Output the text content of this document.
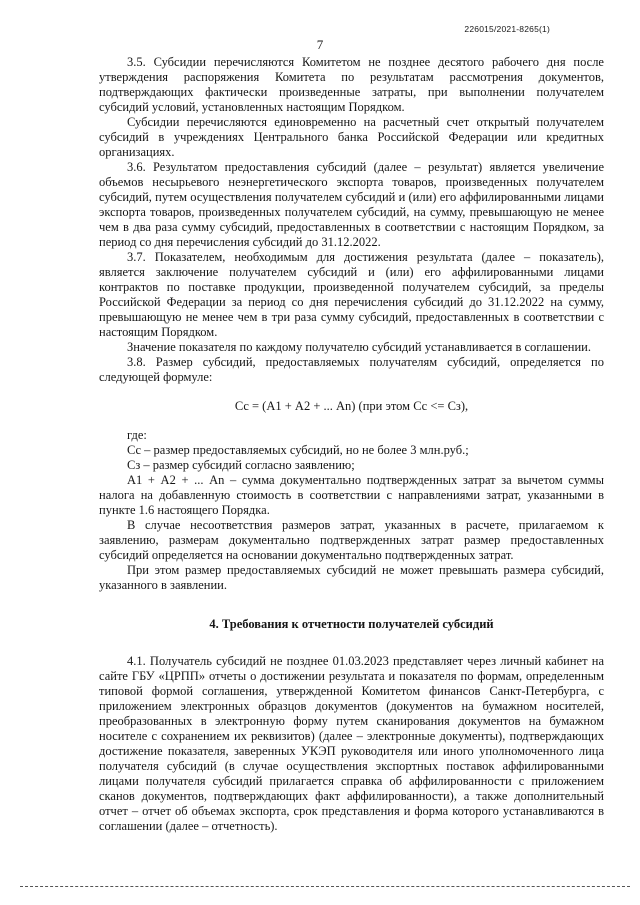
226015/2021-8265(1)
7

3.5. Субсидии перечисляются Комитетом не позднее десятого рабочего дня после утверждения распоряжения Комитета по результатам рассмотрения документов, подтверждающих фактически произведенные затраты, при выполнении получателем субсидий условий, установленных настоящим Порядком.

Субсидии перечисляются единовременно на расчетный счет открытый получателем субсидий в учреждениях Центрального банка Российской Федерации или кредитных организациях.

3.6. Результатом предоставления субсидий (далее – результат) является увеличение объемов несырьевого неэнергетического экспорта товаров, произведенных получателем субсидий, путем осуществления получателем субсидий и (или) его аффилированными лицами экспорта товаров, произведенных получателем субсидий, на сумму, превышающую не менее чем в два раза сумму субсидий, предоставленных в соответствии с настоящим Порядком, за период со дня перечисления субсидий до 31.12.2022.

3.7. Показателем, необходимым для достижения результата (далее – показатель), является заключение получателем субсидий и (или) его аффилированными лицами контрактов по поставке продукции, произведенной получателем субсидий, за пределы Российской Федерации за период со дня перечисления субсидий до 31.12.2022 на сумму, превышающую не менее чем в три раза сумму субсидий, предоставленных в соответствии с настоящим Порядком.

Значение показателя по каждому получателю субсидий устанавливается в соглашении.

3.8. Размер субсидий, предоставляемых получателям субсидий, определяется по следующей формуле:

Сс = (А1 + А2 + ... Аn) (при этом Сс <= Сз),

где:

Сс – размер предоставляемых субсидий, но не более 3 млн.руб.;

Сз – размер субсидий согласно заявлению;

А1 + А2 + ... Аn – сумма документально подтвержденных затрат за вычетом суммы налога на добавленную стоимость в соответствии с направлениями затрат, указанными в пункте 1.6 настоящего Порядка.

В случае несоответствия размеров затрат, указанных в расчете, прилагаемом к заявлению, размерам документально подтвержденных затрат размер предоставленных субсидий определяется на основании документально подтвержденных затрат.

При этом размер предоставляемых субсидий не может превышать размера субсидий, указанного в заявлении.

4. Требования к отчетности получателей субсидий

4.1. Получатель субсидий не позднее 01.03.2023 представляет через личный кабинет на сайте ГБУ «ЦРПП» отчеты о достижении результата и показателя по формам, определенным типовой формой соглашения, утвержденной Комитетом финансов Санкт-Петербурга, с приложением электронных образцов документов (документов на бумажном носителей, преобразованных в электронную форму путем сканирования документов на бумажном носителе с сохранением их реквизитов) (далее – электронные документы), подтверждающих достижение показателя, заверенных УКЭП руководителя или иного уполномоченного лица получателя субсидий (в случае осуществления экспортных поставок аффилированными лицами получателя субсидий прилагается справка об аффилированности с приложением сканов документов, подтверждающих факт аффилированности), а также дополнительный отчет – отчет об объемах экспорта, срок представления и форма которого устанавливаются в соглашении (далее – отчетность).
